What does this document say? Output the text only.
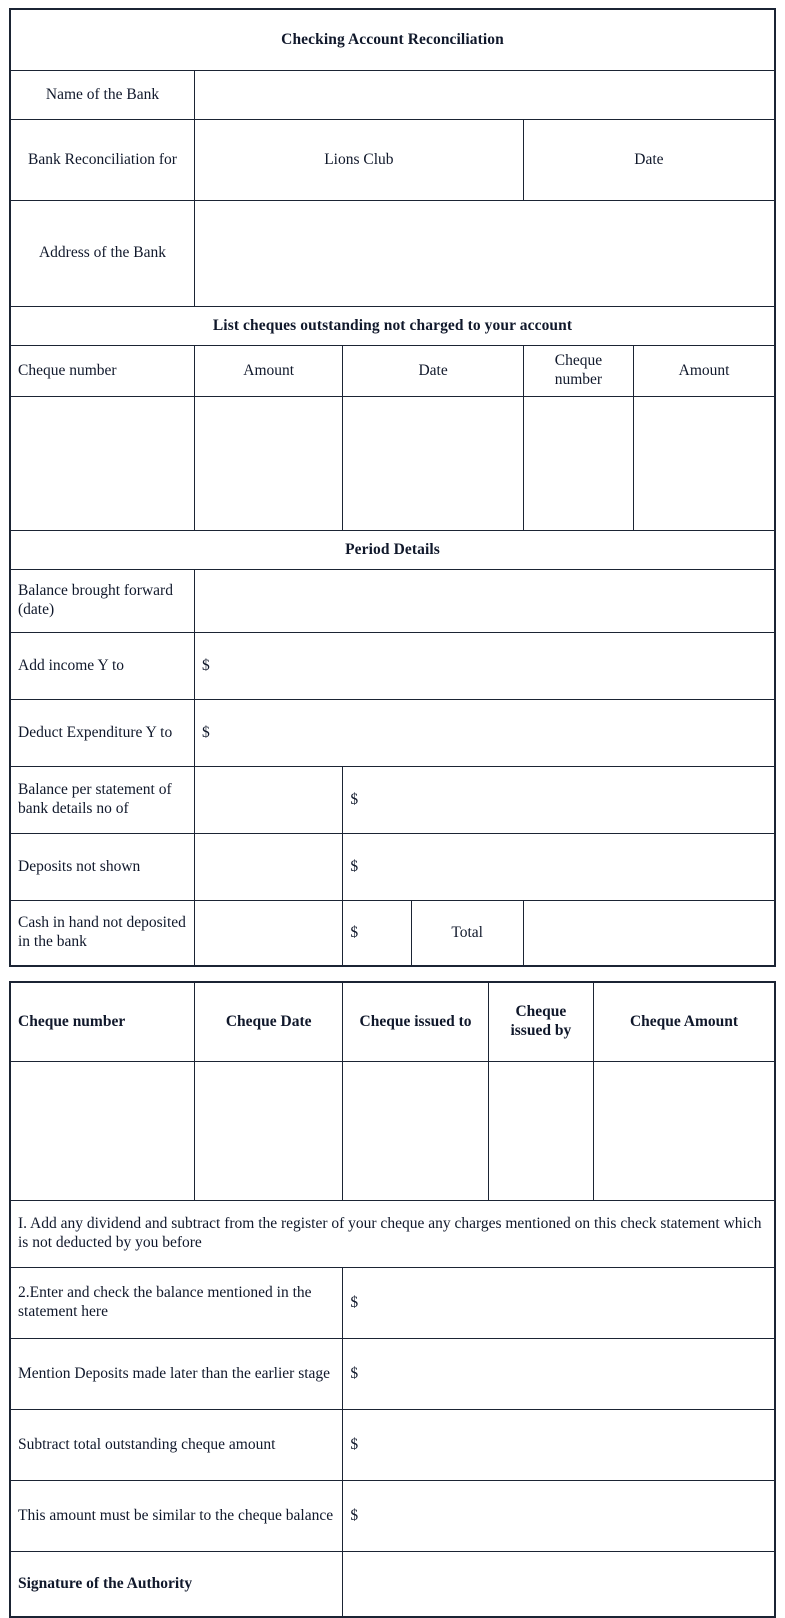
Checking Account Reconciliation					
Name of the Bank					
Bank Reconciliation for	Lions Club			Date	
Address of the Bank					
List cheques outstanding not charged to your account					
Cheque number	Amount	Date		Cheque number	Amount

Period Details					
Balance brought forward (date)					
Add income Y to	$				
Deduct Expenditure Y to	$				
Balance per statement of bank details no of		$			
Deposits not shown		$			
Cash in hand not deposited in the bank		$	Total		
Cheque number	Cheque Date	Cheque issued to	Cheque issued by	Cheque Amount

I. Add any dividend and subtract from the register of your cheque any charges mentioned on this check statement which is not deducted by you before				
2.Enter and check the balance mentioned in the statement here		$		
Mention Deposits made later than the earlier stage		$		
Subtract total outstanding cheque amount		$		
This amount must be similar to the cheque balance		$		
Signature of the Authority				
